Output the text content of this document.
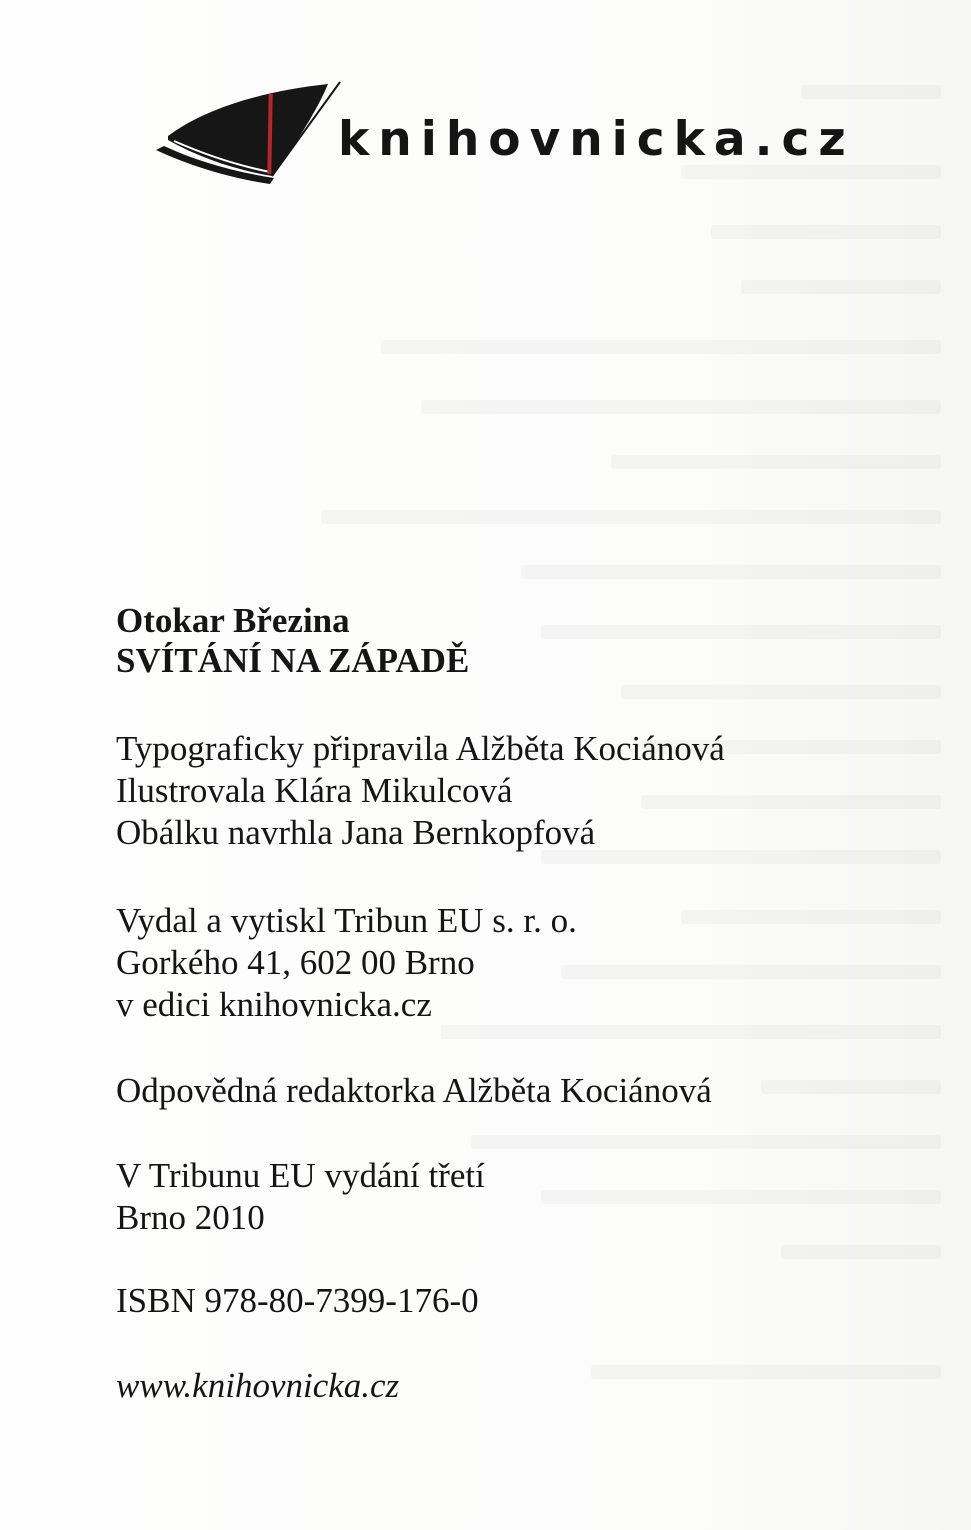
knihovnicka.cz
Otokar Březina
SVÍTÁNÍ NA ZÁPADĚ
Typograficky připravila Alžběta Kociánová
Ilustrovala Klára Mikulcová
Obálku navrhla Jana Bernkopfová
Vydal a vytiskl Tribun EU s. r. o.
Gorkého 41, 602 00 Brno
v edici knihovnicka.cz
Odpovědná redaktorka Alžběta Kociánová
V Tribunu EU vydání třetí
Brno 2010
ISBN 978-80-7399-176-0
www.knihovnicka.cz
